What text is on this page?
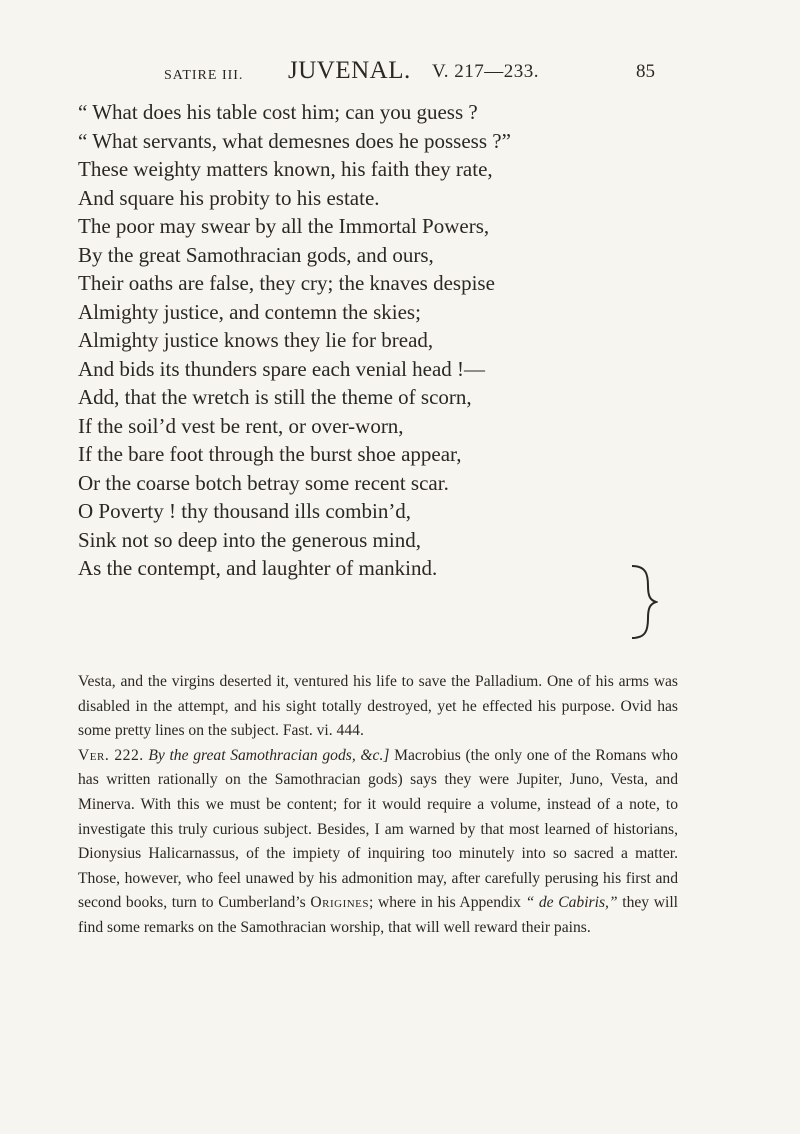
SATIRE III. JUVENAL. V. 217—233.	85
“ What does his table cost him; can you guess ?
“ What servants, what demesnes does he possess ?”
These weighty matters known, his faith they rate,
And square his probity to his estate.
The poor may swear by all the Immortal Powers,
By the great Samothracian gods, and ours,
Their oaths are false, they cry; the knaves despise
Almighty justice, and contemn the skies;
Almighty justice knows they lie for bread,
And bids its thunders spare each venial head !—
Add, that the wretch is still the theme of scorn,
If the soil’d vest be rent, or over-worn,
If the bare foot through the burst shoe appear,
Or the coarse botch betray some recent scar.
O Poverty ! thy thousand ills combin’d,
Sink not so deep into the generous mind,
As the contempt, and laughter of mankind.

Vesta, and the virgins deserted it, ventured his life to save the Palladium. One of his arms was disabled in the attempt, and his sight totally destroyed, yet he effected his purpose. Ovid has some pretty lines on the subject. Fast. vi. 444.

Ver. 222. By the great Samothracian gods, &c.] Macrobius (the only one of the Romans who has written rationally on the Samothracian gods) says they were Jupiter, Juno, Vesta, and Minerva. With this we must be content; for it would require a volume, instead of a note, to investigate this truly curious subject. Besides, I am warned by that most learned of historians, Dionysius Halicarnassus, of the impiety of inquiring too minutely into so sacred a matter. Those, however, who feel unawed by his admonition may, after carefully perusing his first and second books, turn to Cumberland’s Origines; where in his Appendix “ de Cabiris,” they will find some remarks on the Samothracian worship, that will well reward their pains.
